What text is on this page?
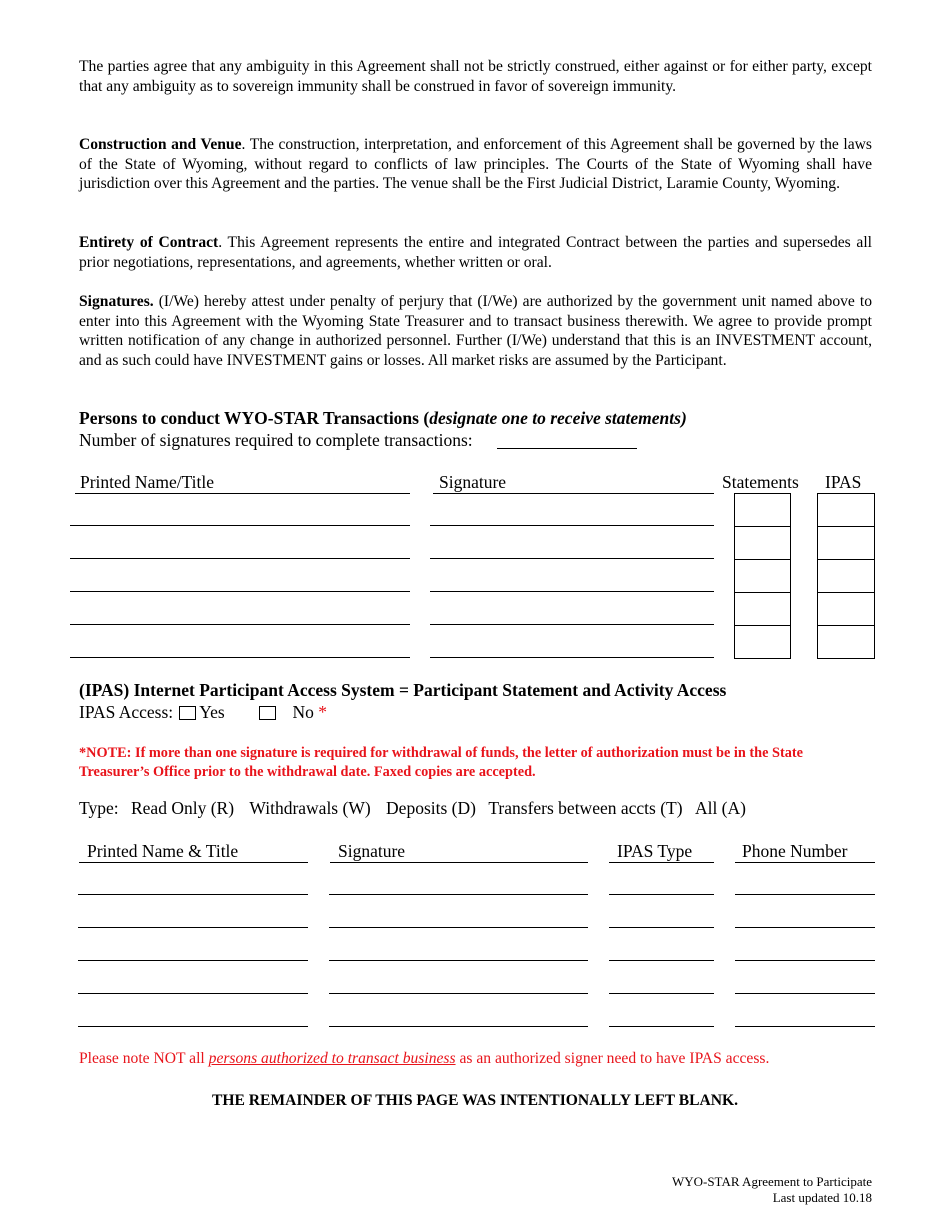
The parties agree that any ambiguity in this Agreement shall not be strictly construed, either against or for either party, except that any ambiguity as to sovereign immunity shall be construed in favor of sovereign immunity.

Construction and Venue. The construction, interpretation, and enforcement of this Agreement shall be governed by the laws of the State of Wyoming, without regard to conflicts of law principles. The Courts of the State of Wyoming shall have jurisdiction over this Agreement and the parties. The venue shall be the First Judicial District, Laramie County, Wyoming.

Entirety of Contract. This Agreement represents the entire and integrated Contract between the parties and supersedes all prior negotiations, representations, and agreements, whether written or oral.

Signatures. (I/We) hereby attest under penalty of perjury that (I/We) are authorized by the government unit named above to enter into this Agreement with the Wyoming State Treasurer and to transact business therewith. We agree to provide prompt written notification of any change in authorized personnel. Further (I/We) understand that this is an INVESTMENT account, and as such could have INVESTMENT gains or losses. All market risks are assumed by the Participant.

Persons to conduct WYO-STAR Transactions (designate one to receive statements)
Number of signatures required to complete transactions:
Printed Name/Title	Signature	Statements IPAS
(IPAS) Internet Participant Access System = Participant Statement and Activity Access
IPAS Access: Yes	No *

*NOTE: If more than one signature is required for withdrawal of funds, the letter of authorization must be in the State Treasurer’s Office prior to the withdrawal date. Faxed copies are accepted.

Type: Read Only (R) Withdrawals (W) Deposits (D) Transfers between accts (T) All (A)
Printed Name & Title	Signature	IPAS Type	Phone Number

Please note NOT all persons authorized to transact business as an authorized signer need to have IPAS access.

THE REMAINDER OF THIS PAGE WAS INTENTIONALLY LEFT BLANK.

WYO-STAR Agreement to Participate
Last updated 10.18
